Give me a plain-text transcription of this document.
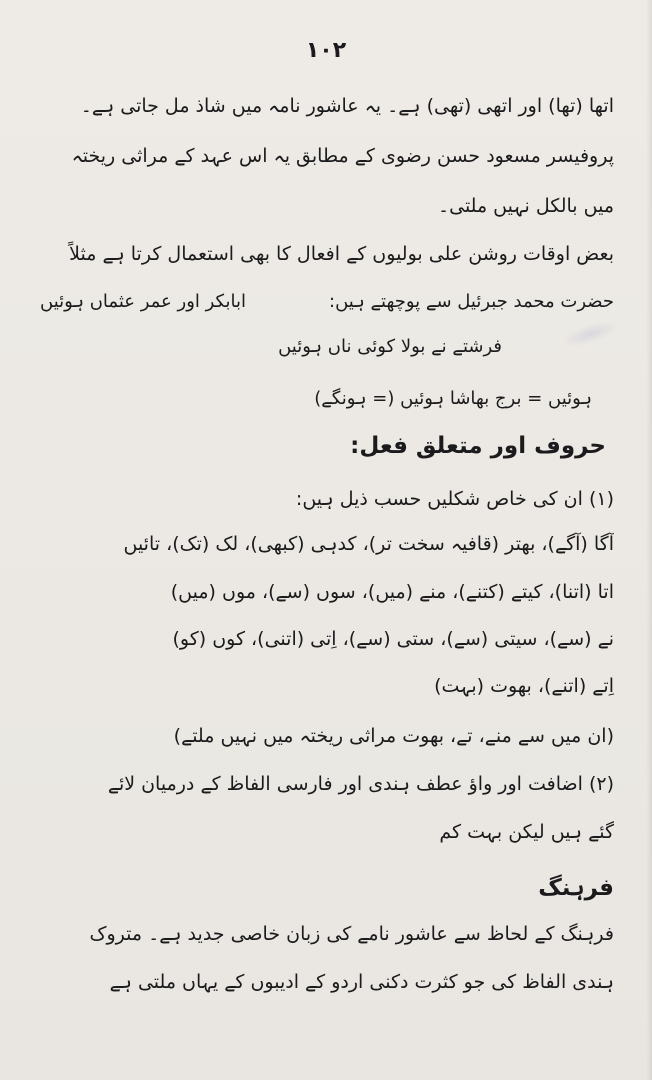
۱۰۲
اتھا (تھا) اور اتھی (تھی) ہے۔ یہ عاشور نامہ میں شاذ مل جاتی ہے۔
پروفیسر مسعود حسن رضوی کے مطابق یہ اس عہد کے مراثی ریختہ
میں بالکل نہیں ملتی۔
بعض اوقات روشن علی بولیوں کے افعال کا بھی استعمال کرتا ہے مثلاً
حضرت محمد جبرئیل سے پوچھتے ہیں:
ابابکر اور عمر عثماں ہوئیں
فرشتے نے بولا کوئی ناں ہوئیں
ہوئیں = برج بھاشا ہوئیں (= ہونگے)
حروف اور متعلق فعل:
(۱) ان کی خاص شکلیں حسب ذیل ہیں:
آگا (آگے)، بھتر (قافیہ سخت تر)، کدہی (کبھی)، لک (تک)، تائیں
اتا (اتنا)، کیتے (کتنے)، منے (میں)، سوں (سے)، موں (میں)
نے (سے)، سیتی (سے)، ستی (سے)، اِتی (اتنی)، کوں (کو)
اِتے (اتنے)، بھوت (بہت)
(ان میں سے منے، تے، بھوت مراثی ریختہ میں نہیں ملتے)
(۲) اضافت اور واؤ عطف ہندی اور فارسی الفاظ کے درمیان لائے
گئے ہیں لیکن بہت کم
فرہنگ
فرہنگ کے لحاظ سے عاشور نامے کی زبان خاصی جدید ہے۔ متروک
ہندی الفاظ کی جو کثرت دکنی اردو کے ادیبوں کے یہاں ملتی ہے
